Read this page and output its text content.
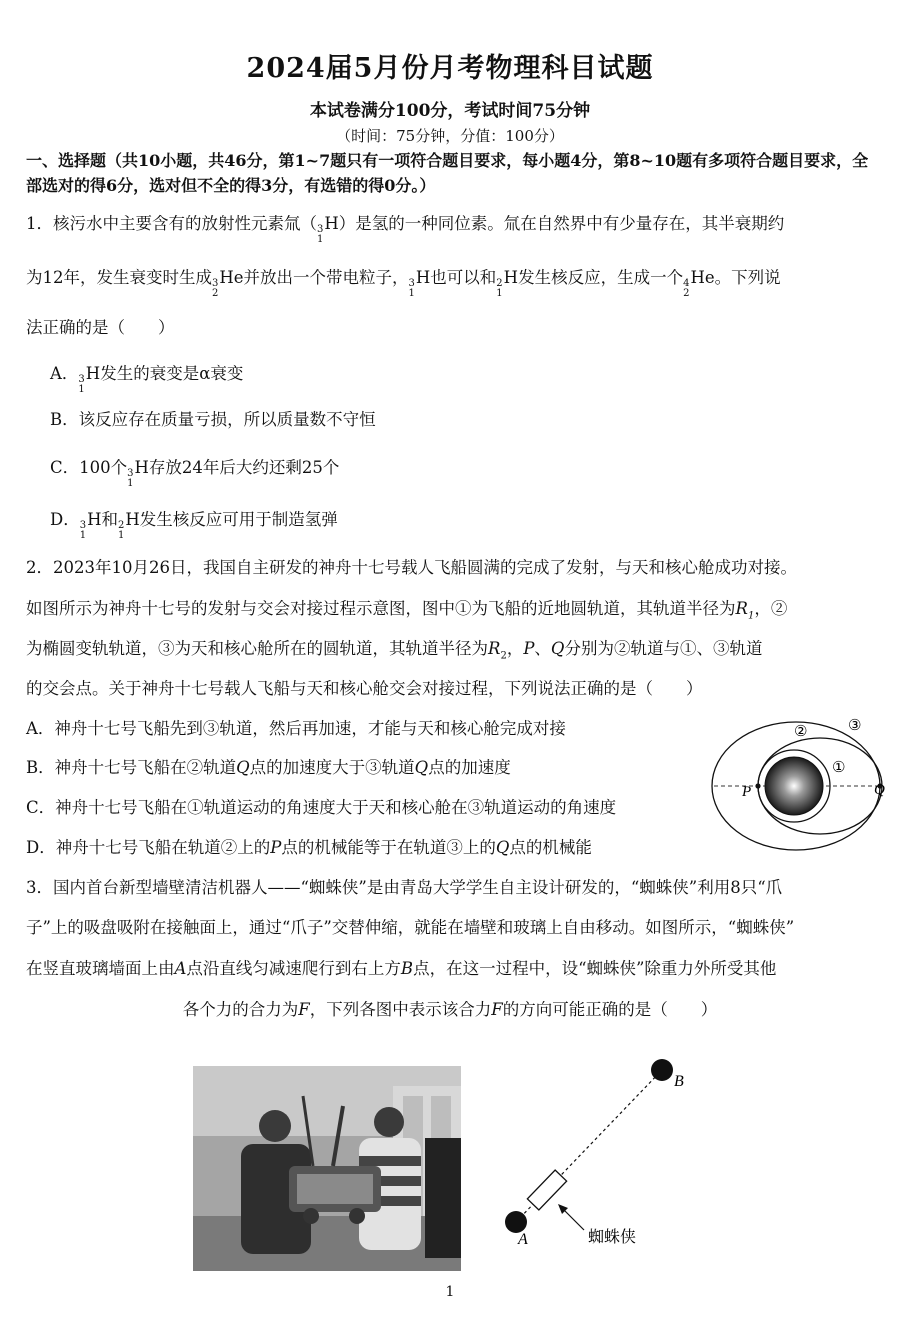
2024届5月份月考物理科目试题
本试卷满分100分，考试时间75分钟
（时间：75分钟，分值：100分）
一、选择题（共10小题，共46分，第1~7题只有一项符合题目要求，每小题4分，第8~10题有多项符合题目要求，全部选对的得6分，选对但不全的得3分，有选错的得0分。）
1．核污水中主要含有的放射性元素氚（ 3
1
H）是氢的一种同位素。氚在自然界中有少量存在，其半衰期约
为12年，发生衰变时生成 3
2
He并放出一个带电粒子， 3
1
H也可以和 2
1
H发生核反应，生成一个 4
2
He。下列说
法正确的是（　　）
A． 3
1
H发生的衰变是α衰变
B．该反应存在质量亏损，所以质量数不守恒
C．100个 3
1
H存放24年后大约还剩25个
D． 3
1
H和 2
1
H发生核反应可用于制造氢弹
2．2023年10月26日，我国自主研发的神舟十七号载人飞船圆满的完成了发射，与天和核心舱成功对接。
如图所示为神舟十七号的发射与交会对接过程示意图，图中①为飞船的近地圆轨道，其轨道半径为$R_1$，②
为椭圆变轨轨道，③为天和核心舱所在的圆轨道，其轨道半径为$R_2$，P、Q分别为②轨道与①、③轨道
的交会点。关于神舟十七号载人飞船与天和核心舱交会对接过程，下列说法正确的是（　　）
A．神舟十七号飞船先到③轨道，然后再加速，才能与天和核心舱完成对接
B．神舟十七号飞船在②轨道Q点的加速度大于③轨道Q点的加速度
C．神舟十七号飞船在①轨道运动的角速度大于天和核心舱在③轨道运动的角速度
D．神舟十七号飞船在轨道②上的P点的机械能等于在轨道③上的Q点的机械能
①
②	③
P	Q
3．国内首台新型墙壁清洁机器人——“蜘蛛侠”是由青岛大学学生自主设计研发的，“蜘蛛侠”利用8只“爪
子”上的吸盘吸附在接触面上，通过“爪子”交替伸缩，就能在墙壁和玻璃上自由移动。如图所示，“蜘蛛侠”
在竖直玻璃墙面上由A点沿直线匀减速爬行到右上方B点，在这一过程中，设“蜘蛛侠”除重力外所受其他
各个力的合力为F，下列各图中表示该合力F的方向可能正确的是（　　）
A
B
蜘蛛侠
1
